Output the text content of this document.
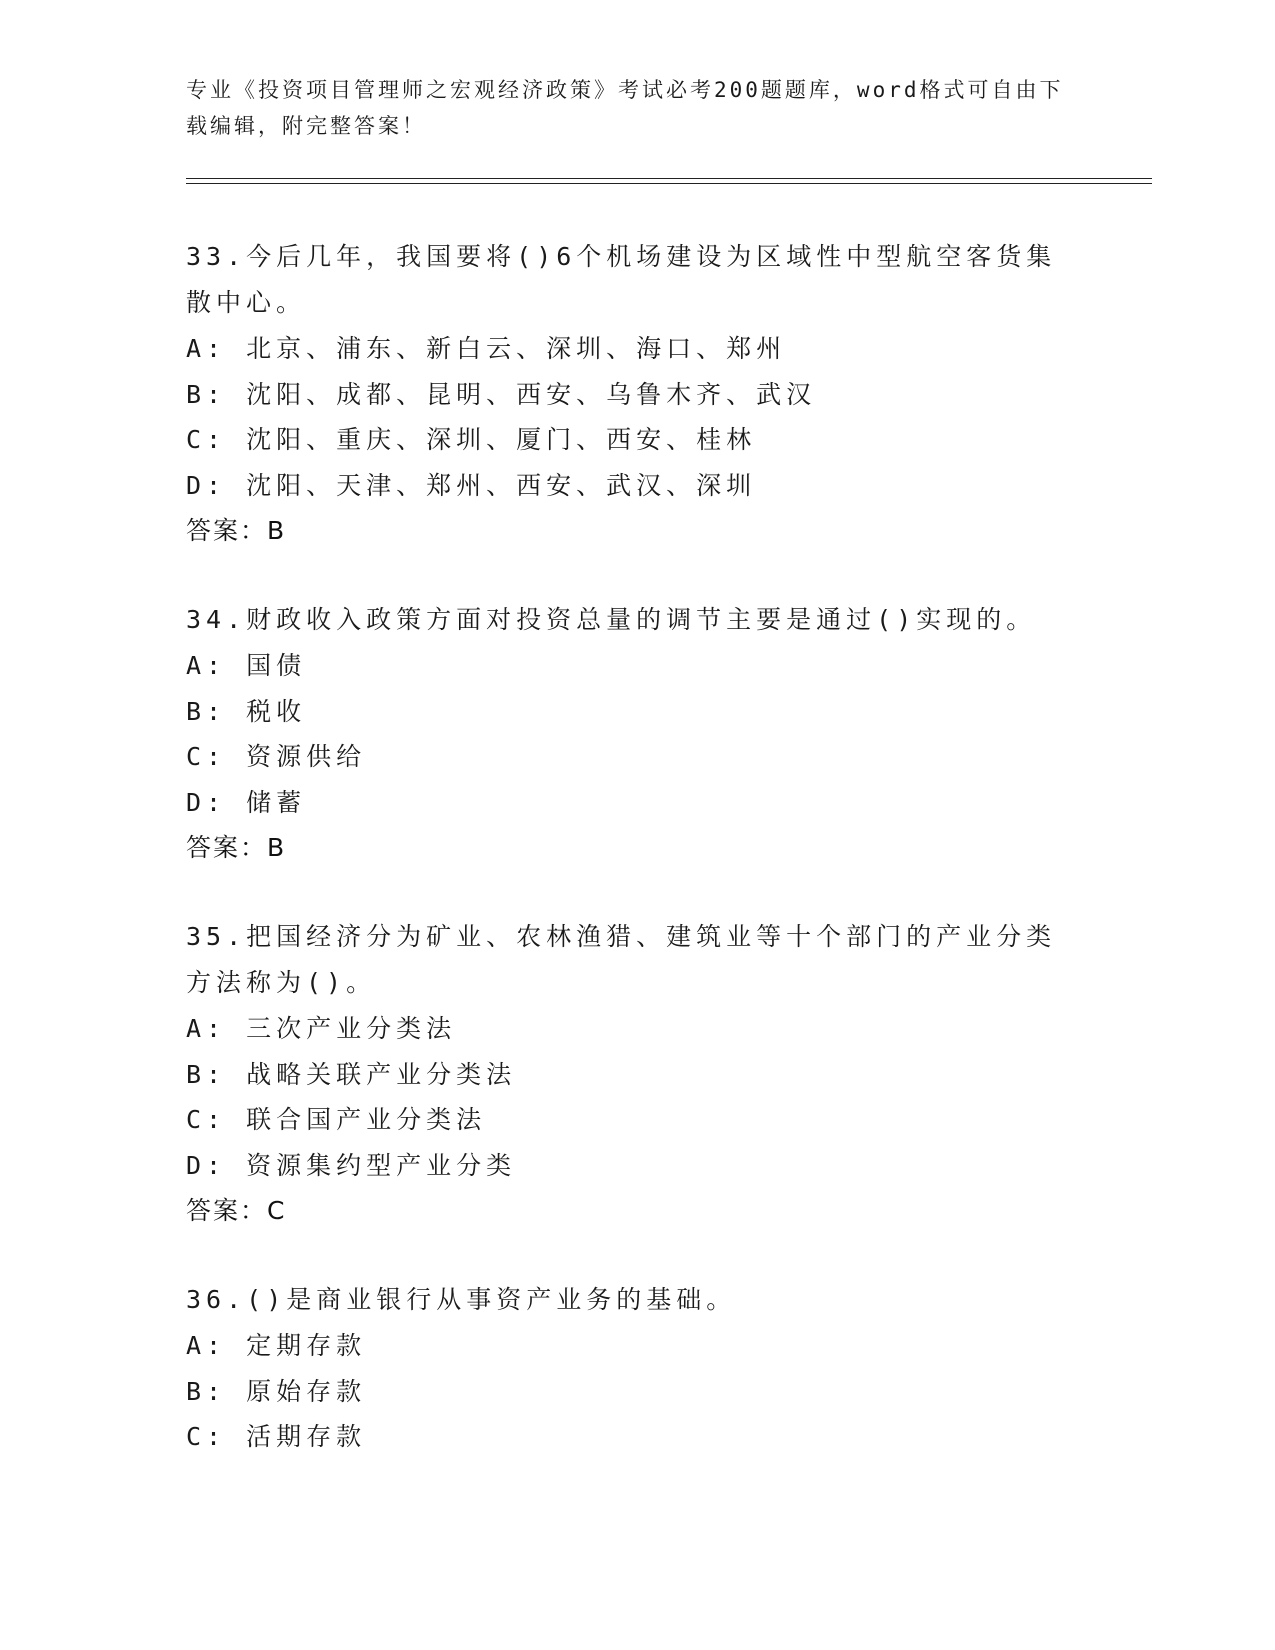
专业《投资项目管理师之宏观经济政策》考试必考200题题库，word格式可自由下载编辑，附完整答案！

33.今后几年，我国要将()6个机场建设为区域性中型航空客货集散中心。

A: 北京、浦东、新白云、深圳、海口、郑州

B: 沈阳、成都、昆明、西安、乌鲁木齐、武汉

C: 沈阳、重庆、深圳、厦门、西安、桂林

D: 沈阳、天津、郑州、西安、武汉、深圳

答案：B

34.财政收入政策方面对投资总量的调节主要是通过()实现的。

A: 国债

B: 税收

C: 资源供给

D: 储蓄

答案：B

35.把国经济分为矿业、农林渔猎、建筑业等十个部门的产业分类方法称为()。

A: 三次产业分类法

B: 战略关联产业分类法

C: 联合国产业分类法

D: 资源集约型产业分类

答案：C

36.()是商业银行从事资产业务的基础。

A: 定期存款

B: 原始存款

C: 活期存款
